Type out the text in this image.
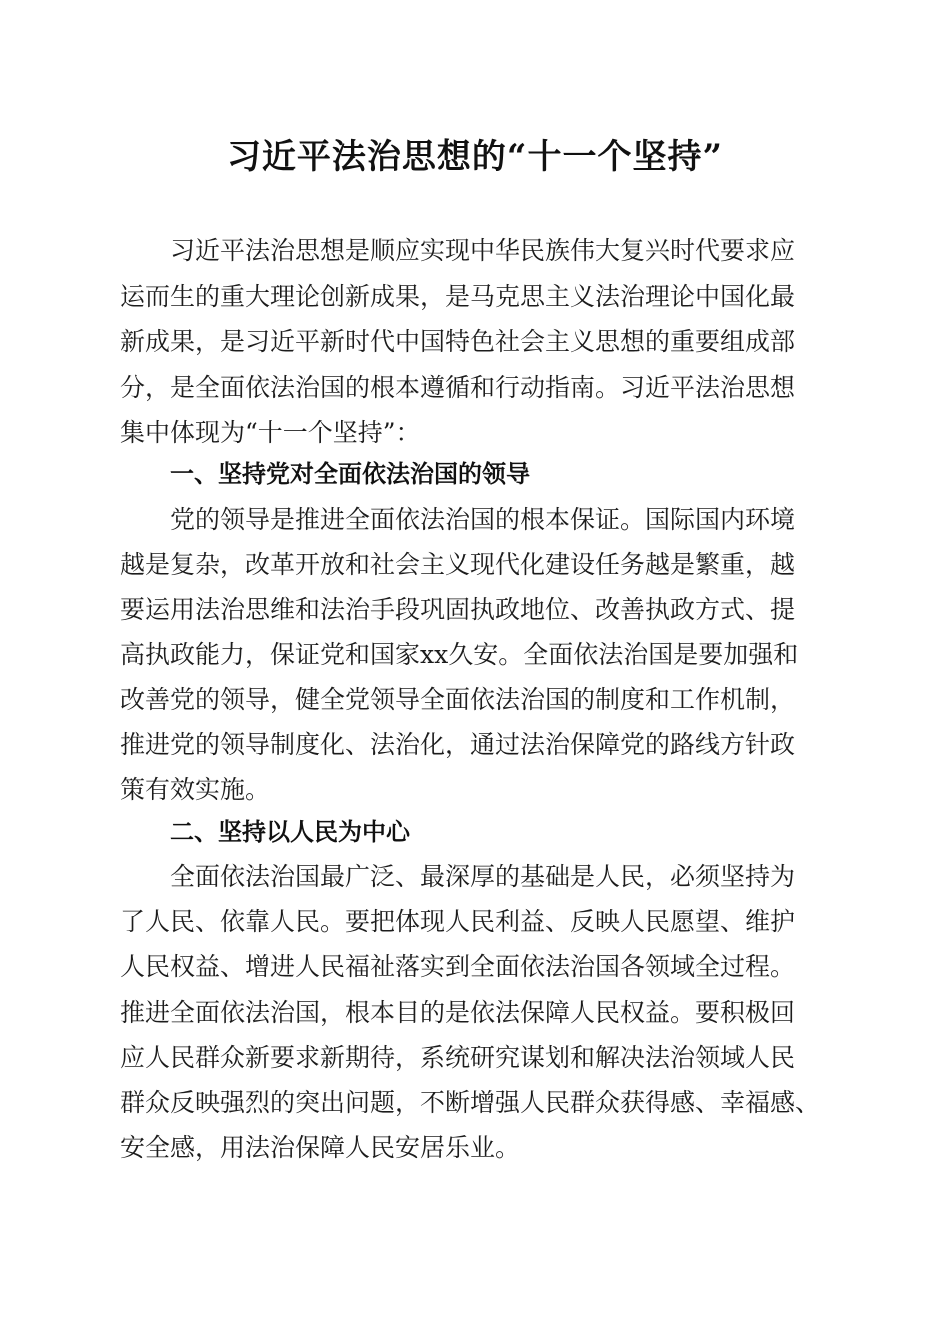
习近平法治思想的“十一个坚持”

习近平法治思想是顺应实现中华民族伟大复兴时代要求应

运而生的重大理论创新成果，是马克思主义法治理论中国化最

新成果，是习近平新时代中国特色社会主义思想的重要组成部

分，是全面依法治国的根本遵循和行动指南。习近平法治思想

集中体现为“十一个坚持”：

一、坚持党对全面依法治国的领导

党的领导是推进全面依法治国的根本保证。国际国内环境

越是复杂，改革开放和社会主义现代化建设任务越是繁重，越

要运用法治思维和法治手段巩固执政地位、改善执政方式、提

高执政能力，保证党和国家xx久安。全面依法治国是要加强和

改善党的领导，健全党领导全面依法治国的制度和工作机制，

推进党的领导制度化、法治化，通过法治保障党的路线方针政

策有效实施。

二、坚持以人民为中心

全面依法治国最广泛、最深厚的基础是人民，必须坚持为

了人民、依靠人民。要把体现人民利益、反映人民愿望、维护

人民权益、增进人民福祉落实到全面依法治国各领域全过程。

推进全面依法治国，根本目的是依法保障人民权益。要积极回

应人民群众新要求新期待，系统研究谋划和解决法治领域人民

群众反映强烈的突出问题，不断增强人民群众获得感、幸福感、

安全感，用法治保障人民安居乐业。
